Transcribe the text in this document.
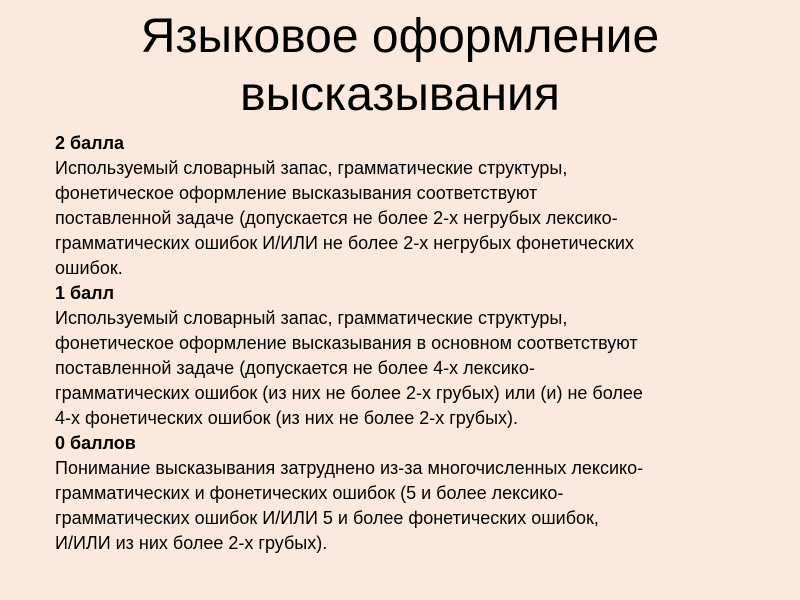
Языковое оформление
высказывания

2 балла

Используемый словарный запас, грамматические структуры,
фонетическое оформление высказывания соответствуют
поставленной задаче (допускается не более 2-х негрубых лексико-
грамматических ошибок И/ИЛИ не более 2-х негрубых фонетических
ошибок.

1 балл

Используемый словарный запас, грамматические структуры,
фонетическое оформление высказывания в основном соответствуют
поставленной задаче (допускается не более 4-х лексико-
грамматических ошибок (из них не более 2-х грубых) или (и) не более
4-х фонетических ошибок (из них не более 2-х грубых).

0 баллов

Понимание высказывания затруднено из-за многочисленных лексико-
грамматических и фонетических ошибок (5 и более лексико-
грамматических ошибок И/ИЛИ 5 и более фонетических ошибок,
И/ИЛИ из них более 2-х грубых).
